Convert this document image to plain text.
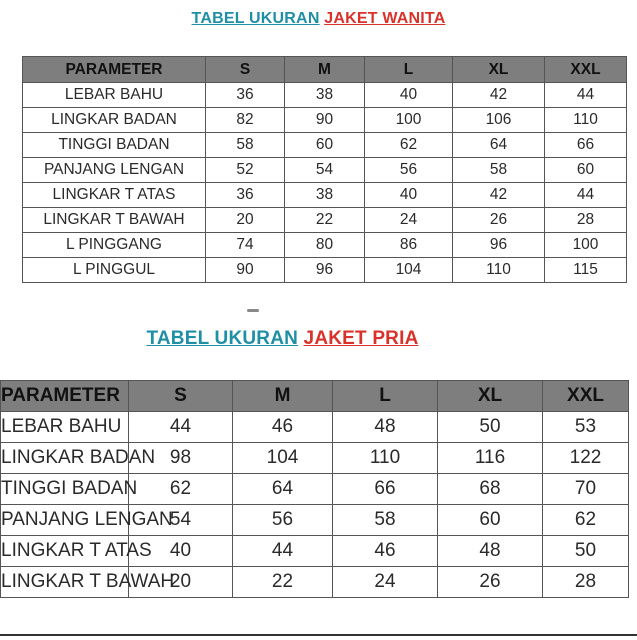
TABEL UKURAN JAKET WANITA
PARAMETER	S	M	L	XL	XXL
LEBAR BAHU	36	38	40	42	44
LINGKAR BADAN	82	90	100	106	110
TINGGI BADAN	58	60	62	64	66
PANJANG LENGAN	52	54	56	58	60
LINGKAR T ATAS	36	38	40	42	44
LINGKAR T BAWAH	20	22	24	26	28
L PINGGANG	74	80	86	96	100
L PINGGUL	90	96	104	110	115
TABEL UKURAN JAKET PRIA
PARAMETER	S	M	L	XL	XXL
LEBAR BAHU	44	46	48	50	53
LINGKAR BADAN	98	104	110	116	122
TINGGI BADAN	62	64	66	68	70
PANJANG LENGAN	54	56	58	60	62
LINGKAR T ATAS	40	44	46	48	50
LINGKAR T BAWAH	20	22	24	26	28
